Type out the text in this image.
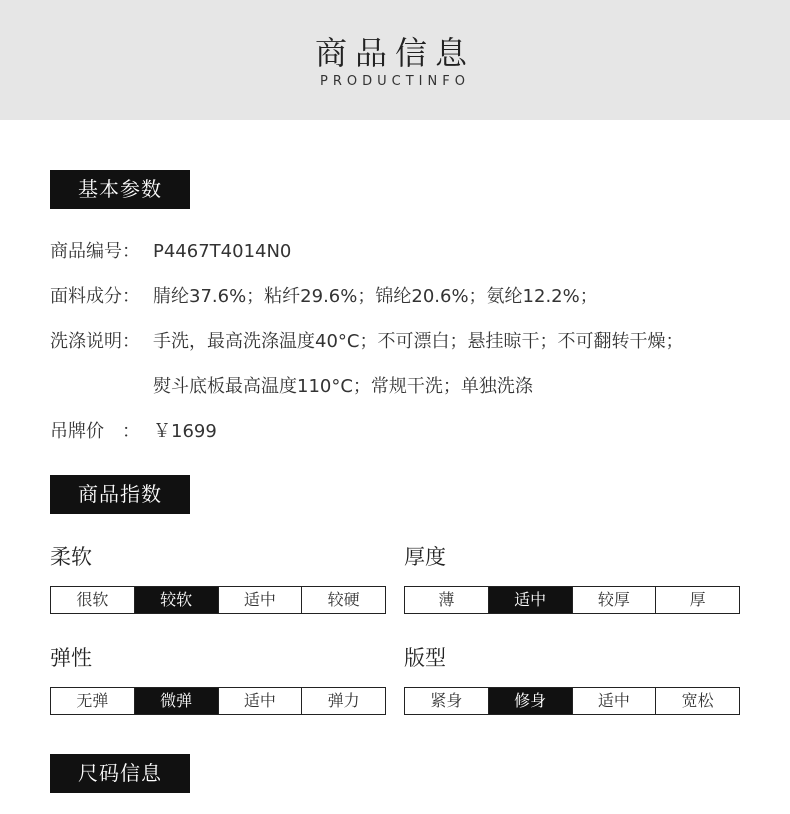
商品信息
PRODUCTINFO
基本参数
商品编号： P4467T4014N0
面料成分： 腈纶37.6%；粘纤29.6%；锦纶20.6%；氨纶12.2%；
洗涤说明： 手洗，最高洗涤温度40°C；不可漂白；悬挂晾干；不可翻转干燥；
熨斗底板最高温度110°C；常规干洗；单独洗涤
吊牌价　： ￥1699
商品指数
柔软
很软	较软	适中	较硬
厚度
薄	适中	较厚	厚
弹性
无弹	微弹	适中	弹力
版型
紧身	修身	适中	宽松
尺码信息
